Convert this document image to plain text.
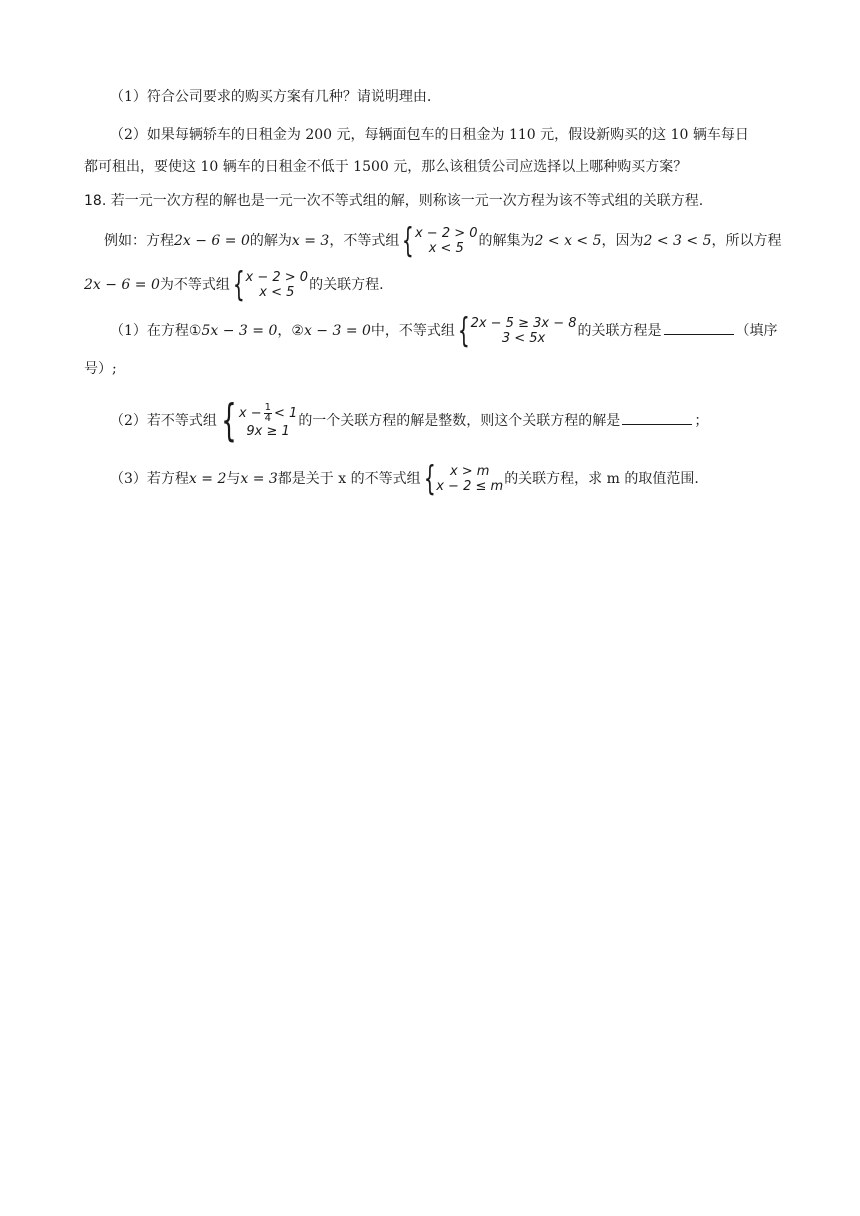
（1）符合公司要求的购买方案有几种？请说明理由.
（2）如果每辆轿车的日租金为 200 元，每辆面包车的日租金为 110 元，假设新购买的这 10 辆车每日
都可租出，要使这 10 辆车的日租金不低于 1500 元，那么该租赁公司应选择以上哪种购买方案？
18. 若一元一次方程的解也是一元一次不等式组的解，则称该一元一次方程为该不等式组的关联方程.
例如：方程2x − 6 = 0的解为x = 3，不等式组 { x − 2 > 0
x < 5 的解集为2 < x < 5，因为2 < 3 < 5，所以方程
2x − 6 = 0为不等式组 { x − 2 > 0
x < 5 的关联方程.
（1）在方程①5x − 3 = 0，②x − 3 = 0中，不等式组 { 2x − 5 ≥ 3x − 8
3 < 5x 的关联方程是	（填序
号）;
（2）若不等式组 { $x - \frac{1}{4} < 1$
9x ≥ 1
的一个关联方程的解是整数，则这个关联方程的解是	；
（3）若方程x = 2与x = 3都是关于 x 的不等式组 { x > m
x − 2 ≤ m 的关联方程，求 m 的取值范围.
